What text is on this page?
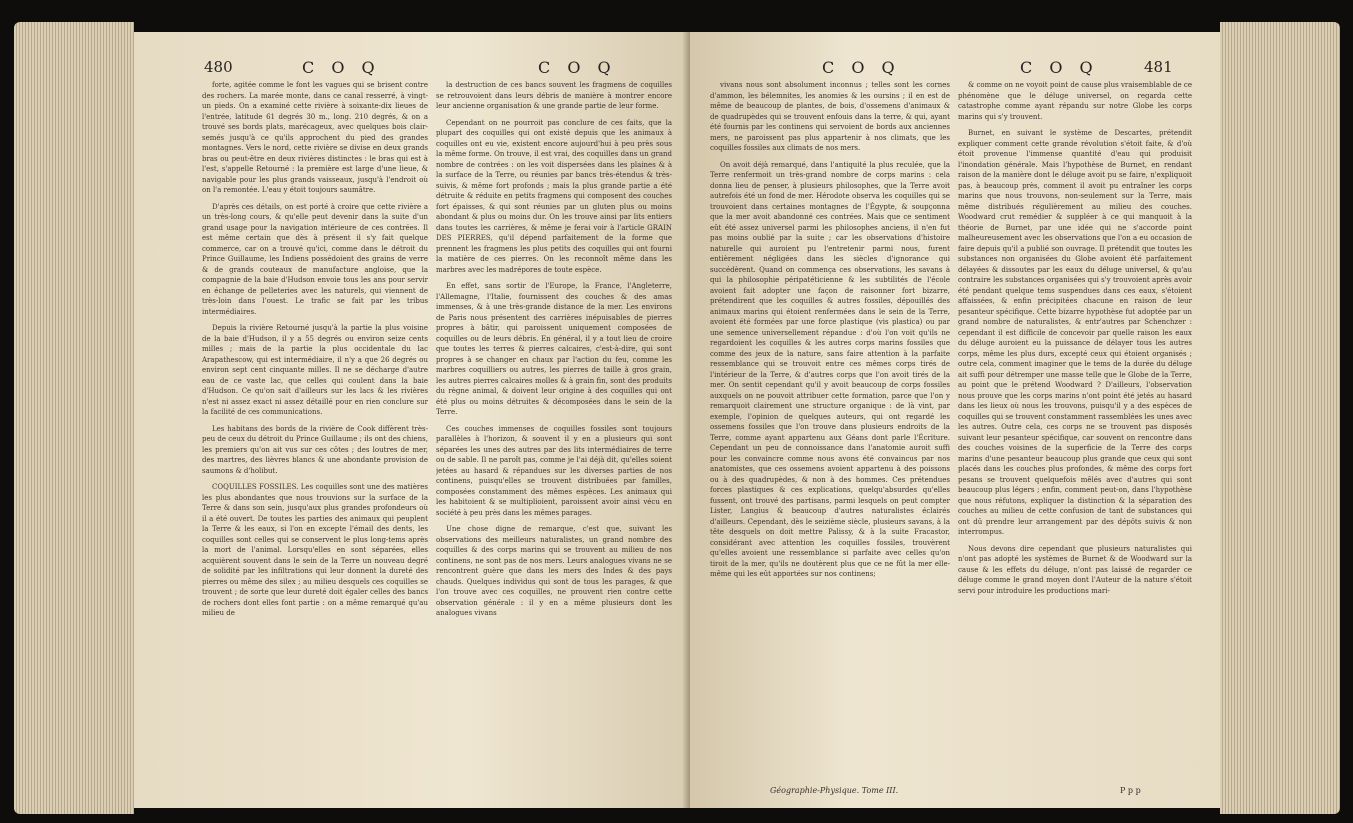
480	C O Q	C O Q

forte, agitée comme le font les vagues qui se brisent contre des rochers. La marée monte, dans ce canal resserré, à vingt-un pieds. On a examiné cette rivière à soixante-dix lieues de l'entrée, latitude 61 degrés 30 m., long. 210 degrés, & on a trouvé ses bords plats, marécageux, avec quelques bois clair-semés jusqu'à ce qu'ils approchent du pied des grandes montagnes. Vers le nord, cette rivière se divise en deux grands bras ou peut-être en deux rivières distinctes : le bras qui est à l'est, s'appelle Retourné : la première est large d'une lieue, & navigable pour les plus grands vaisseaux, jusqu'à l'endroit où on l'a remontée. L'eau y étoit toujours saumâtre.

D'après ces détails, on est porté à croire que cette rivière a un très-long cours, & qu'elle peut devenir dans la suite d'un grand usage pour la navigation intérieure de ces contrées. Il est même certain que dès à présent il s'y fait quelque commerce, car on a trouvé qu'ici, comme dans le détroit du Prince Guillaume, les Indiens possédoient des grains de verre & de grands couteaux de manufacture angloise, que la compagnie de la baie d'Hudson envoie tous les ans pour servir en échange de pelleteries avec les naturels, qui viennent de très-loin dans l'ouest. Le trafic se fait par les tribus intermédiaires.

Depuis la rivière Retourné jusqu'à la partie la plus voisine de la baie d'Hudson, il y a 55 degrés ou environ seize cents milles ; mais de la partie la plus occidentale du lac Arapathescow, qui est intermédiaire, il n'y a que 26 degrés ou environ sept cent cinquante milles. Il ne se décharge d'autre eau de ce vaste lac, que celles qui coulent dans la baie d'Hudson. Ce qu'on sait d'ailleurs sur les lacs & les rivières n'est ni assez exact ni assez détaillé pour en rien conclure sur la facilité de ces communications.

Les habitans des bords de la rivière de Cook diffèrent très-peu de ceux du détroit du Prince Guillaume ; ils ont des chiens, les premiers qu'on ait vus sur ces côtes ; des loutres de mer, des martres, des lièvres blancs & une abondante provision de saumons & d'holibut.

COQUILLES FOSSILES. Les coquilles sont une des matières les plus abondantes que nous trouvions sur la surface de la Terre & dans son sein, jusqu'aux plus grandes profondeurs où il a été ouvert. De toutes les parties des animaux qui peuplent la Terre & les eaux, si l'on en excepte l'émail des dents, les coquilles sont celles qui se conservent le plus long-tems après la mort de l'animal. Lorsqu'elles en sont séparées, elles acquièrent souvent dans le sein de la Terre un nouveau degré de solidité par les infiltrations qui leur donnent la dureté des pierres ou même des silex ; au milieu desquels ces coquilles se trouvent ; de sorte que leur dureté doit égaler celles des bancs de rochers dont elles font partie : on a même remarqué qu'au milieu de

la destruction de ces bancs souvent les fragmens de coquilles se retrouvoient dans leurs débris de manière à montrer encore leur ancienne organisation & une grande partie de leur forme.

Cependant on ne pourroit pas conclure de ces faits, que la plupart des coquilles qui ont existé depuis que les animaux à coquilles ont eu vie, existent encore aujourd'hui à peu près sous la même forme. On trouve, il est vrai, des coquilles dans un grand nombre de contrées : on les voit dispersées dans les plaines & à la surface de la Terre, ou réunies par bancs très-étendus & très-suivis, & même fort profonds ; mais la plus grande partie a été détruite & réduite en petits fragmens qui composent des couches fort épaisses, & qui sont réunies par un gluten plus ou moins abondant & plus ou moins dur. On les trouve ainsi par lits entiers dans toutes les carrières, & même je ferai voir à l'article GRAIN DES PIERRES, qu'il dépend parfaitement de la forme que prennent les fragmens les plus petits des coquilles qui ont fourni la matière de ces pierres. On les reconnoît même dans les marbres avec les madrépores de toute espèce.

En effet, sans sortir de l'Europe, la France, l'Angleterre, l'Allemagne, l'Italie, fournissent des couches & des amas immenses, & à une très-grande distance de la mer. Les environs de Paris nous présentent des carrières inépuisables de pierres propres à bâtir, qui paroissent uniquement composées de coquilles ou de leurs débris. En général, il y a tout lieu de croire que toutes les terres & pierres calcaires, c'est-à-dire, qui sont propres à se changer en chaux par l'action du feu, comme les marbres coquilliers ou autres, les pierres de taille à gros grain, les autres pierres calcaires molles & à grain fin, sont des produits du règne animal, & doivent leur origine à des coquilles qui ont été plus ou moins détruites & décomposées dans le sein de la Terre.

Ces couches immenses de coquilles fossiles sont toujours parallèles à l'horizon, & souvent il y en a plusieurs qui sont séparées les unes des autres par des lits intermédiaires de terre ou de sable. Il ne paroît pas, comme je l'ai déjà dit, qu'elles soient jetées au hasard & répandues sur les diverses parties de nos continens, puisqu'elles se trouvent distribuées par familles, composées constamment des mêmes espèces. Les animaux qui les habitoient & se multiplioient, paroissent avoir ainsi vécu en société à peu près dans les mêmes parages.

Une chose digne de remarque, c'est que, suivant les observations des meilleurs naturalistes, un grand nombre des coquilles & des corps marins qui se trouvent au milieu de nos continens, ne sont pas de nos mers. Leurs analogues vivans ne se rencontrent guère que dans les mers des Indes & des pays chauds. Quelques individus qui sont de tous les parages, & que l'on trouve avec ces coquilles, ne prouvent rien contre cette observation générale : il y en a même plusieurs dont les analogues vivans

C O Q	C O Q	481

vivans nous sont absolument inconnus ; telles sont les cornes d'ammon, les bélemnites, les anomies & les oursins ; il en est de même de beaucoup de plantes, de bois, d'ossemens d'animaux & de quadrupèdes qui se trouvent enfouis dans la terre, & qui, ayant été fournis par les continens qui servoient de bords aux anciennes mers, ne paroissent pas plus appartenir à nos climats, que les coquilles fossiles aux climats de nos mers.

On avoit déjà remarqué, dans l'antiquité la plus reculée, que la Terre renfermoit un très-grand nombre de corps marins : cela donna lieu de penser, à plusieurs philosophes, que la Terre avoit autrefois été un fond de mer. Hérodote observa les coquilles qui se trouvoient dans certaines montagnes de l'Égypte, & soupçonna que la mer avoit abandonné ces contrées. Mais que ce sentiment eût été assez universel parmi les philosophes anciens, il n'en fut pas moins oublié par la suite ; car les observations d'histoire naturelle qui auroient pu l'entretenir parmi nous, furent entièrement négligées dans les siècles d'ignorance qui succédèrent. Quand on commença ces observations, les savans à qui la philosophie péripatéticienne & les subtilités de l'école avoient fait adopter une façon de raisonner fort bizarre, prétendirent que les coquilles & autres fossiles, dépouillés des animaux marins qui étoient renfermées dans le sein de la Terre, avoient été formées par une force plastique (vis plastica) ou par une semence universellement répandue : d'où l'on voit qu'ils ne regardoient les coquilles & les autres corps marins fossiles que comme des jeux de la nature, sans faire attention à la parfaite ressemblance qui se trouvoit entre ces mêmes corps tirés de l'intérieur de la Terre, & d'autres corps que l'on avoit tirés de la mer. On sentit cependant qu'il y avoit beaucoup de corps fossiles auxquels on ne pouvoit attribuer cette formation, parce que l'on y remarquoit clairement une structure organique : de là vint, par exemple, l'opinion de quelques auteurs, qui ont regardé les ossemens fossiles que l'on trouve dans plusieurs endroits de la Terre, comme ayant appartenu aux Géans dont parle l'Écriture. Cependant un peu de connoissance dans l'anatomie auroit suffi pour les convaincre comme nous avons été convaincus par nos anatomistes, que ces ossemens avoient appartenu à des poissons ou à des quadrupèdes, & non à des hommes. Ces prétendues forces plastiques & ces explications, quelqu'absurdes qu'elles fussent, ont trouvé des partisans, parmi lesquels on peut compter Lister, Langius & beaucoup d'autres naturalistes éclairés d'ailleurs. Cependant, dès le seizième siècle, plusieurs savans, à la tête desquels on doit mettre Palissy, & à la suite Fracastor, considérant avec attention les coquilles fossiles, trouvèrent qu'elles avoient une ressemblance si parfaite avec celles qu'on tiroit de la mer, qu'ils ne doutèrent plus que ce ne fût la mer elle-même qui les eût apportées sur nos continens;

& comme on ne voyoit point de cause plus vraisemblable de ce phénomène que le déluge universel, on regarda cette catastrophe comme ayant répandu sur notre Globe les corps marins qui s'y trouvent.

Burnet, en suivant le système de Descartes, prétendit expliquer comment cette grande révolution s'étoit faite, & d'où étoit provenue l'immense quantité d'eau qui produisit l'inondation générale. Mais l'hypothèse de Burnet, en rendant raison de la manière dont le déluge avoit pu se faire, n'expliquoit pas, à beaucoup près, comment il avoit pu entraîner les corps marins que nous trouvons, non-seulement sur la Terre, mais même distribués régulièrement au milieu des couches. Woodward crut remédier & suppléer à ce qui manquoit à la théorie de Burnet, par une idée qui ne s'accorde point malheureusement avec les observations que l'on a eu occasion de faire depuis qu'il a publié son ouvrage. Il prétendit que toutes les substances non organisées du Globe avoient été parfaitement délayées & dissoutes par les eaux du déluge universel, & qu'au contraire les substances organisées qui s'y trouvoient après avoir été pendant quelque tems suspendues dans ces eaux, s'étoient affaissées, & enfin précipitées chacune en raison de leur pesanteur spécifique. Cette bizarre hypothèse fut adoptée par un grand nombre de naturalistes, & entr'autres par Schenchzer : cependant il est difficile de concevoir par quelle raison les eaux du déluge auroient eu la puissance de délayer tous les autres corps, même les plus durs, excepté ceux qui étoient organisés ; outre cela, comment imaginer que le tems de la durée du déluge ait suffi pour détremper une masse telle que le Globe de la Terre, au point que le prétend Woodward ? D'ailleurs, l'observation nous prouve que les corps marins n'ont point été jetés au hasard dans les lieux où nous les trouvons, puisqu'il y a des espèces de coquilles qui se trouvent constamment rassemblées les unes avec les autres. Outre cela, ces corps ne se trouvent pas disposés suivant leur pesanteur spécifique, car souvent on rencontre dans des couches voisines de la superficie de la Terre des corps marins d'une pesanteur beaucoup plus grande que ceux qui sont placés dans les couches plus profondes, & même des corps fort pesans se trouvent quelquefois mêlés avec d'autres qui sont beaucoup plus légers ; enfin, comment peut-on, dans l'hypothèse que nous réfutons, expliquer la distinction & la séparation des couches au milieu de cette confusion de tant de substances qui ont dû prendre leur arrangement par des dépôts suivis & non interrompus.

Nous devons dire cependant que plusieurs naturalistes qui n'ont pas adopté les systèmes de Burnet & de Woodward sur la cause & les effets du déluge, n'ont pas laissé de regarder ce déluge comme le grand moyen dont l'Auteur de la nature s'étoit servi pour introduire les productions mari-

Géographie-Physique. Tome III.	P p p
